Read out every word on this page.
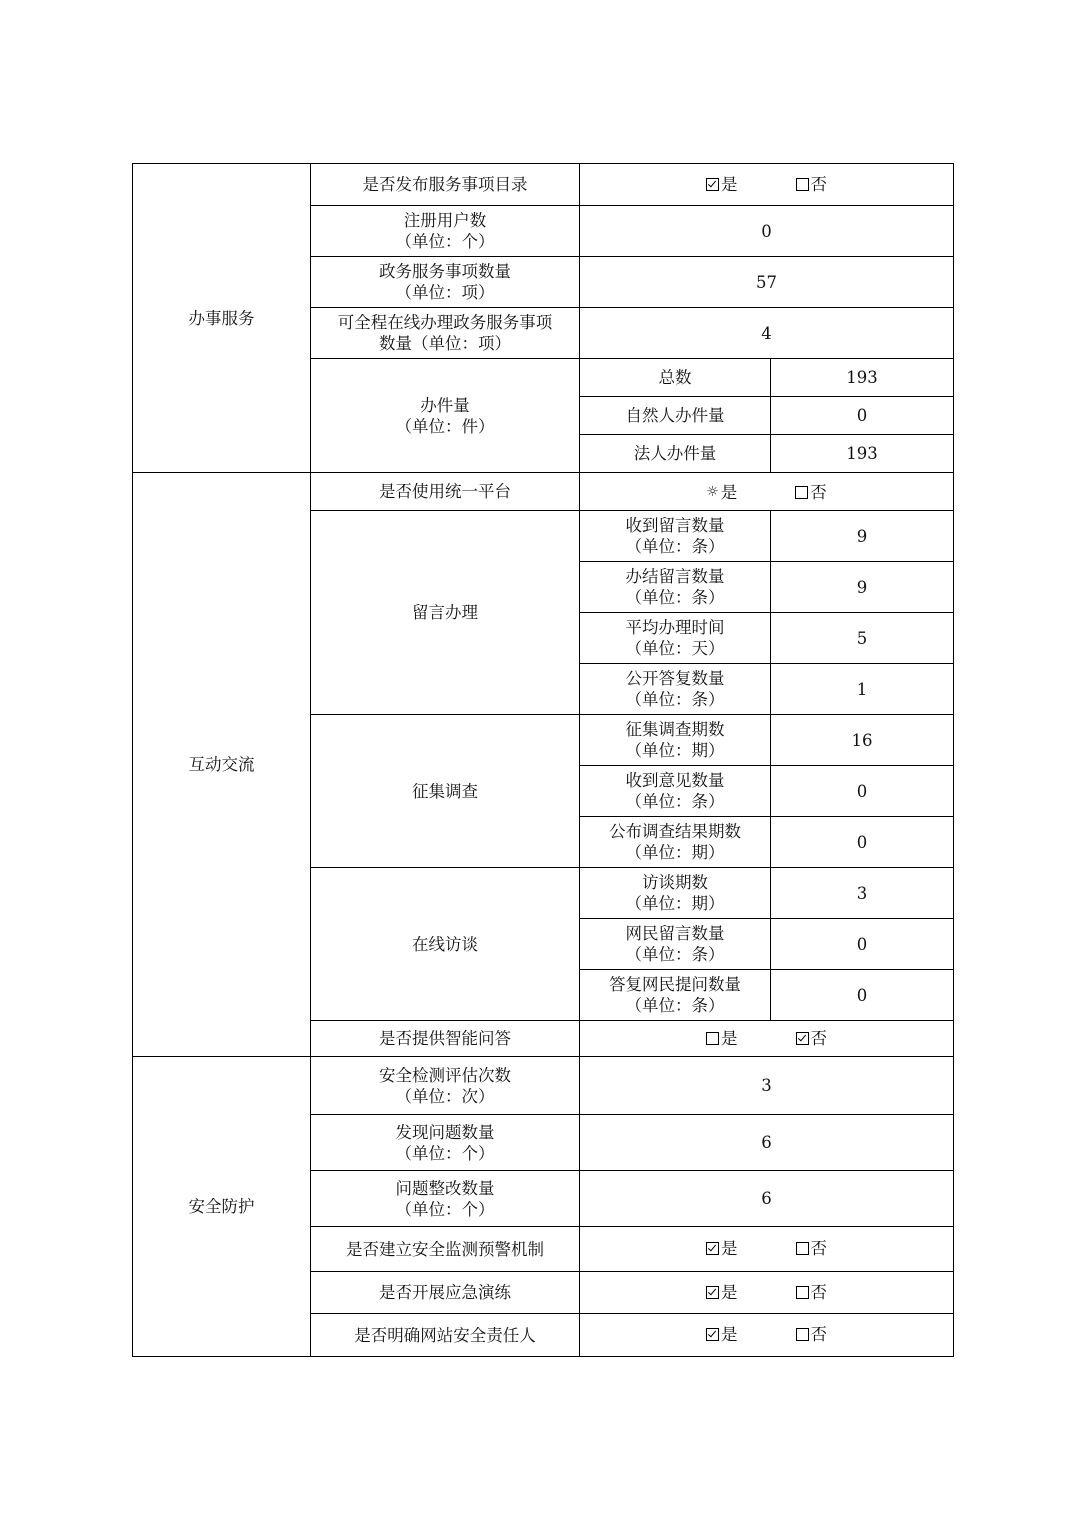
办事服务	是否发布服务事项目录	是 否	

	注册用户数
（单位：个）	0	

	政务服务事项数量
（单位：项）	57	

	可全程在线办理政务服务事项
数量（单位：项）	4	

	办件量
（单位：件）	总数	193
		自然人办件量	0
		法人办件量	193
互动交流	是否使用统一平台	☼ 是 否	

	留言办理	收到留言数量
（单位：条）	9

		办结留言数量
（单位：条）	9

		平均办理时间
（单位：天）	5

		公开答复数量
（单位：条）	1
	征集调查	征集调查期数
（单位：期）	16

		收到意见数量
（单位：条）	0

		公布调查结果期数
（单位：期）	0
	在线访谈	访谈期数
（单位：期）	3

		网民留言数量
（单位：条）	0

		答复网民提问数量
（单位：条）	0
	是否提供智能问答	是 否	

安全防护	安全检测评估次数
（单位：次）	3	

	发现问题数量
（单位：个）	6	

	问题整改数量
（单位：个）	6	
	是否建立安全监测预警机制	是 否	

	是否开展应急演练	是 否	

	是否明确网站安全责任人	是 否	
